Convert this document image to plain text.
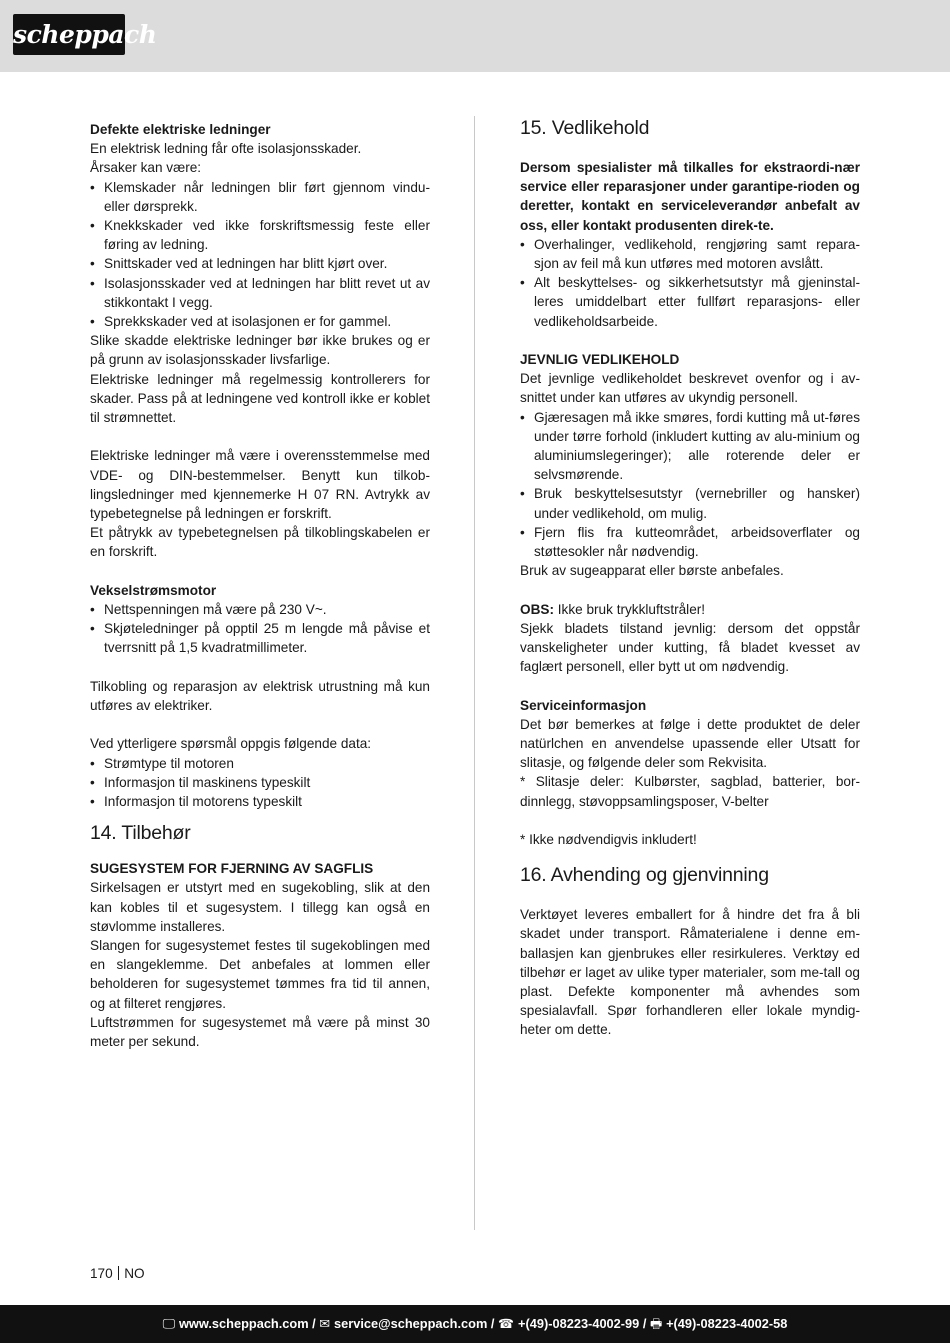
scheppach

Defekte elektriske ledninger

En elektrisk ledning får ofte isolasjonsskader.

Årsaker kan være:

• Klemskader når ledningen blir ført gjennom vindu- eller dørsprekk.
• Knekkskader ved ikke forskriftsmessig feste eller føring av ledning.
• Snittskader ved at ledningen har blitt kjørt over.
• Isolasjonsskader ved at ledningen har blitt revet ut av stikkontakt I vegg.
• Sprekkskader ved at isolasjonen er for gammel.

Slike skadde elektriske ledninger bør ikke brukes og er på grunn av isolasjonsskader livsfarlige.

Elektriske ledninger må regelmessig kontrollerers for skader. Pass på at ledningene ved kontroll ikke er koblet til strømnettet.

Elektriske ledninger må være i overensstemmelse med VDE- og DIN-bestemmelser. Benytt kun tilkob-lingsledninger med kjennemerke H 07 RN. Avtrykk av typebetegnelse på ledningen er forskrift.

Et påtrykk av typebetegnelsen på tilkoblingskabelen er en forskrift.

Vekselstrømsmotor

• Nettspenningen må være på 230 V~.
• Skjøteledninger på opptil 25 m lengde må påvise et tverrsnitt på 1,5 kvadratmillimeter.

Tilkobling og reparasjon av elektrisk utrustning må kun utføres av elektriker.

Ved ytterligere spørsmål oppgis følgende data:

• Strømtype til motoren
• Informasjon til maskinens typeskilt
• Informasjon til motorens typeskilt
14. Tilbehør

SUGESYSTEM FOR FJERNING AV SAGFLIS

Sirkelsagen er utstyrt med en sugekobling, slik at den kan kobles til et sugesystem. I tillegg kan også en støvlomme installeres.

Slangen for sugesystemet festes til sugekoblingen med en slangeklemme. Det anbefales at lommen eller beholderen for sugesystemet tømmes fra tid til annen, og at filteret rengjøres.

Luftstrømmen for sugesystemet må være på minst 30 meter per sekund.

15. Vedlikehold

Dersom spesialister må tilkalles for ekstraordi-nær service eller reparasjoner under garantipe-rioden og deretter, kontakt en serviceleverandør anbefalt av oss, eller kontakt produsenten direk-te.

• Overhalinger, vedlikehold, rengjøring samt repara-sjon av feil må kun utføres med motoren avslått.
• Alt beskyttelses- og sikkerhetsutstyr må gjeninstal-leres umiddelbart etter fullført reparasjons- eller vedlikeholdsarbeide.

JEVNLIG VEDLIKEHOLD

Det jevnlige vedlikeholdet beskrevet ovenfor og i av-snittet under kan utføres av ukyndig personell.

• Gjæresagen må ikke smøres, fordi kutting må ut-føres under tørre forhold (inkludert kutting av alu-minium og aluminiumslegeringer); alle roterende deler er selvsmørende.
• Bruk beskyttelsesutstyr (vernebriller og hansker) under vedlikehold, om mulig.
• Fjern flis fra kutteområdet, arbeidsoverflater og støttesokler når nødvendig.

Bruk av sugeapparat eller børste anbefales.

OBS: Ikke bruk trykkluftstråler!

Sjekk bladets tilstand jevnlig: dersom det oppstår vanskeligheter under kutting, få bladet kvesset av faglært personell, eller bytt ut om nødvendig.

Serviceinformasjon

Det bør bemerkes at følge i dette produktet de deler natürlchen en anvendelse upassende eller Utsatt for slitasje, og følgende deler som Rekvisita.

* Slitasje deler: Kulbørster, sagblad, batterier, bor-dinnlegg, støvoppsamlingsposer, V-belter

* Ikke nødvendigvis inkludert!

16. Avhending og gjenvinning

Verktøyet leveres emballert for å hindre det fra å bli skadet under transport. Råmaterialene i denne em-ballasjen kan gjenbrukes eller resirkuleres. Verktøy ed tilbehør er laget av ulike typer materialer, som me-tall og plast. Defekte komponenter må avhendes som spesialavfall. Spør forhandleren eller lokale myndig-heter om dette.

170 NO
🖵 www.scheppach.com / ✉ service@scheppach.com / ☎ +(49)-08223-4002-99 / 🖶 +(49)-08223-4002-58
